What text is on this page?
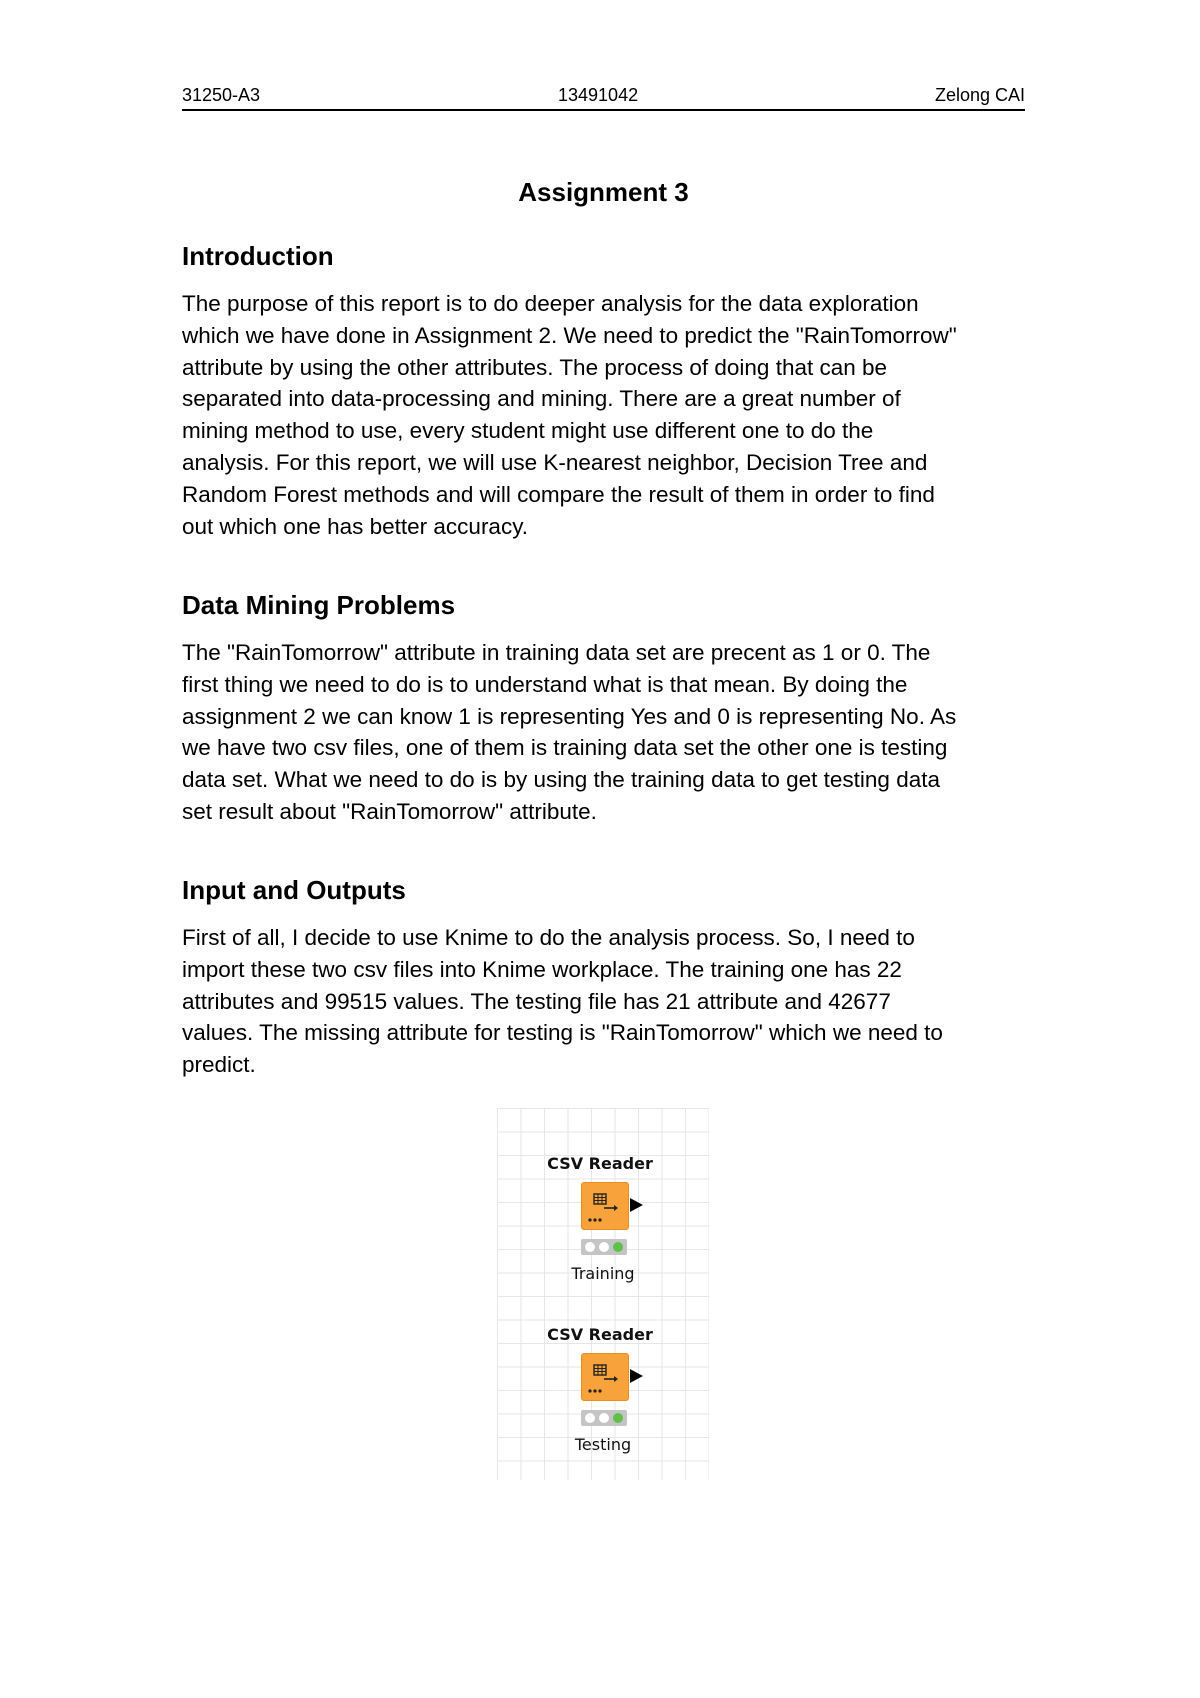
31250-A3	13491042	Zelong CAI
Assignment 3
Introduction
The purpose of this report is to do deeper analysis for the data exploration
which we have done in Assignment 2. We need to predict the "RainTomorrow"
attribute by using the other attributes. The process of doing that can be
separated into data-processing and mining. There are a great number of
mining method to use, every student might use different one to do the
analysis. For this report, we will use K-nearest neighbor, Decision Tree and
Random Forest methods and will compare the result of them in order to find
out which one has better accuracy.
Data Mining Problems
The "RainTomorrow" attribute in training data set are precent as 1 or 0. The
first thing we need to do is to understand what is that mean. By doing the
assignment 2 we can know 1 is representing Yes and 0 is representing No. As
we have two csv files, one of them is training data set the other one is testing
data set. What we need to do is by using the training data to get testing data
set result about "RainTomorrow" attribute.
Input and Outputs
First of all, I decide to use Knime to do the analysis process. So, I need to
import these two csv files into Knime workplace. The training one has 22
attributes and 99515 values. The testing file has 21 attribute and 42677
values. The missing attribute for testing is "RainTomorrow" which we need to
predict.
CSV Reader
Training
CSV Reader
Testing
